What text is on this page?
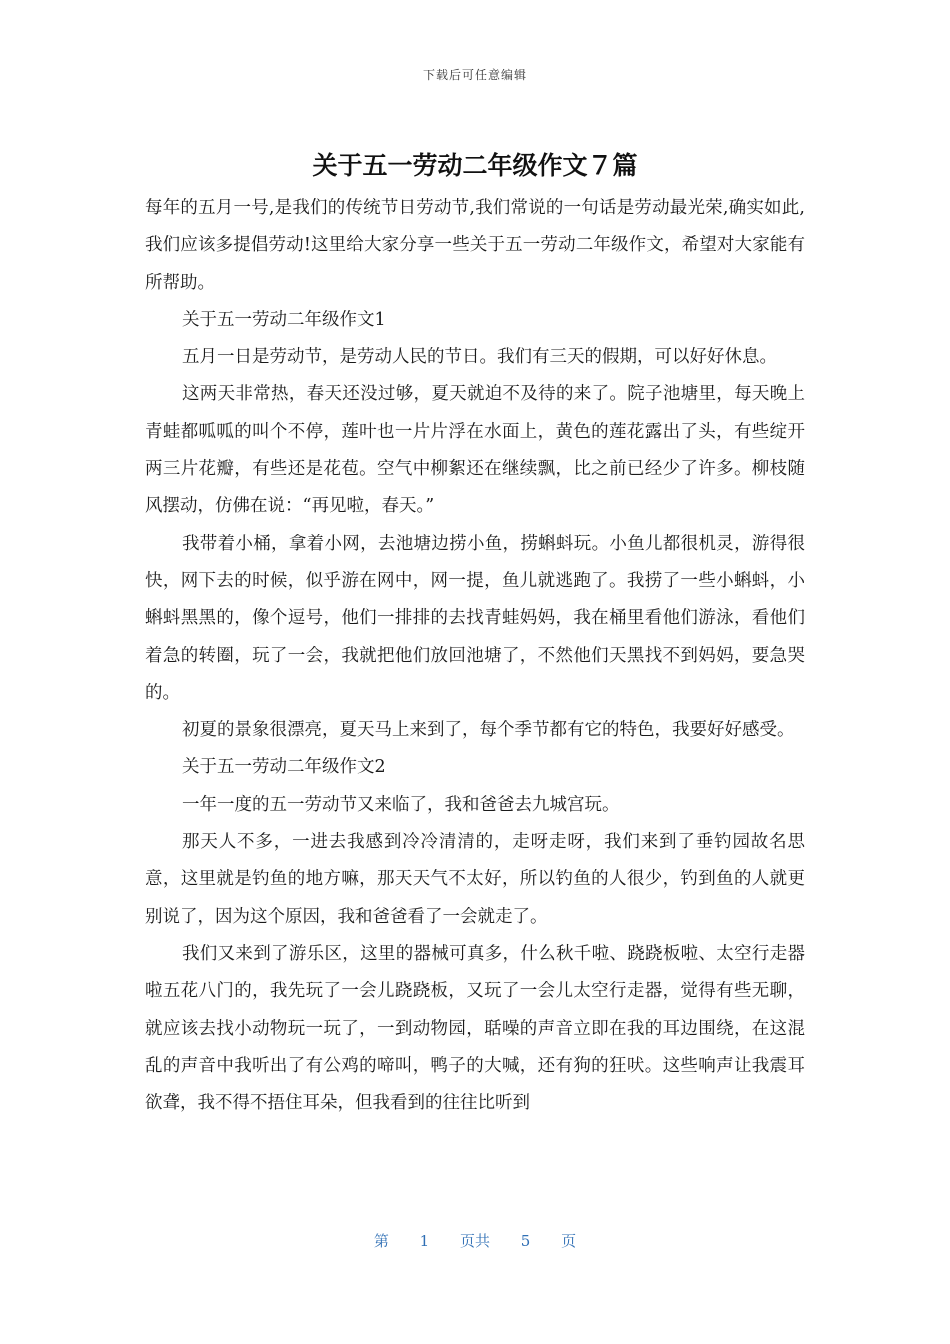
下载后可任意编辑
关于五一劳动二年级作文７篇

每年的五月一号,是我们的传统节日劳动节,我们常说的一句话是劳动最光荣,确实如此,我们应该多提倡劳动!这里给大家分享一些关于五一劳动二年级作文，希望对大家能有所帮助。

关于五一劳动二年级作文1

五月一日是劳动节，是劳动人民的节日。我们有三天的假期，可以好好休息。

这两天非常热，春天还没过够，夏天就迫不及待的来了。院子池塘里，每天晚上青蛙都呱呱的叫个不停，莲叶也一片片浮在水面上，黄色的莲花露出了头，有些绽开两三片花瓣，有些还是花苞。空气中柳絮还在继续飘，比之前已经少了许多。柳枝随风摆动，仿佛在说：“再见啦，春天。”

我带着小桶，拿着小网，去池塘边捞小鱼，捞蝌蚪玩。小鱼儿都很机灵，游得很快，网下去的时候，似乎游在网中，网一提，鱼儿就逃跑了。我捞了一些小蝌蚪，小蝌蚪黑黑的，像个逗号，他们一排排的去找青蛙妈妈，我在桶里看他们游泳，看他们着急的转圈，玩了一会，我就把他们放回池塘了，不然他们天黑找不到妈妈，要急哭的。

初夏的景象很漂亮，夏天马上来到了，每个季节都有它的特色，我要好好感受。

关于五一劳动二年级作文2

一年一度的五一劳动节又来临了，我和爸爸去九城宫玩。

那天人不多，一进去我感到冷冷清清的，走呀走呀，我们来到了垂钓园故名思意，这里就是钓鱼的地方嘛，那天天气不太好，所以钓鱼的人很少，钓到鱼的人就更别说了，因为这个原因，我和爸爸看了一会就走了。

我们又来到了游乐区，这里的器械可真多，什么秋千啦、跷跷板啦、太空行走器啦五花八门的，我先玩了一会儿跷跷板，又玩了一会儿太空行走器，觉得有些无聊，就应该去找小动物玩一玩了，一到动物园，聒噪的声音立即在我的耳边围绕，在这混乱的声音中我听出了有公鸡的啼叫，鸭子的大喊，还有狗的狂吠。这些响声让我震耳欲聋，我不得不捂住耳朵，但我看到的往往比听到

第 1 页共 5 页
